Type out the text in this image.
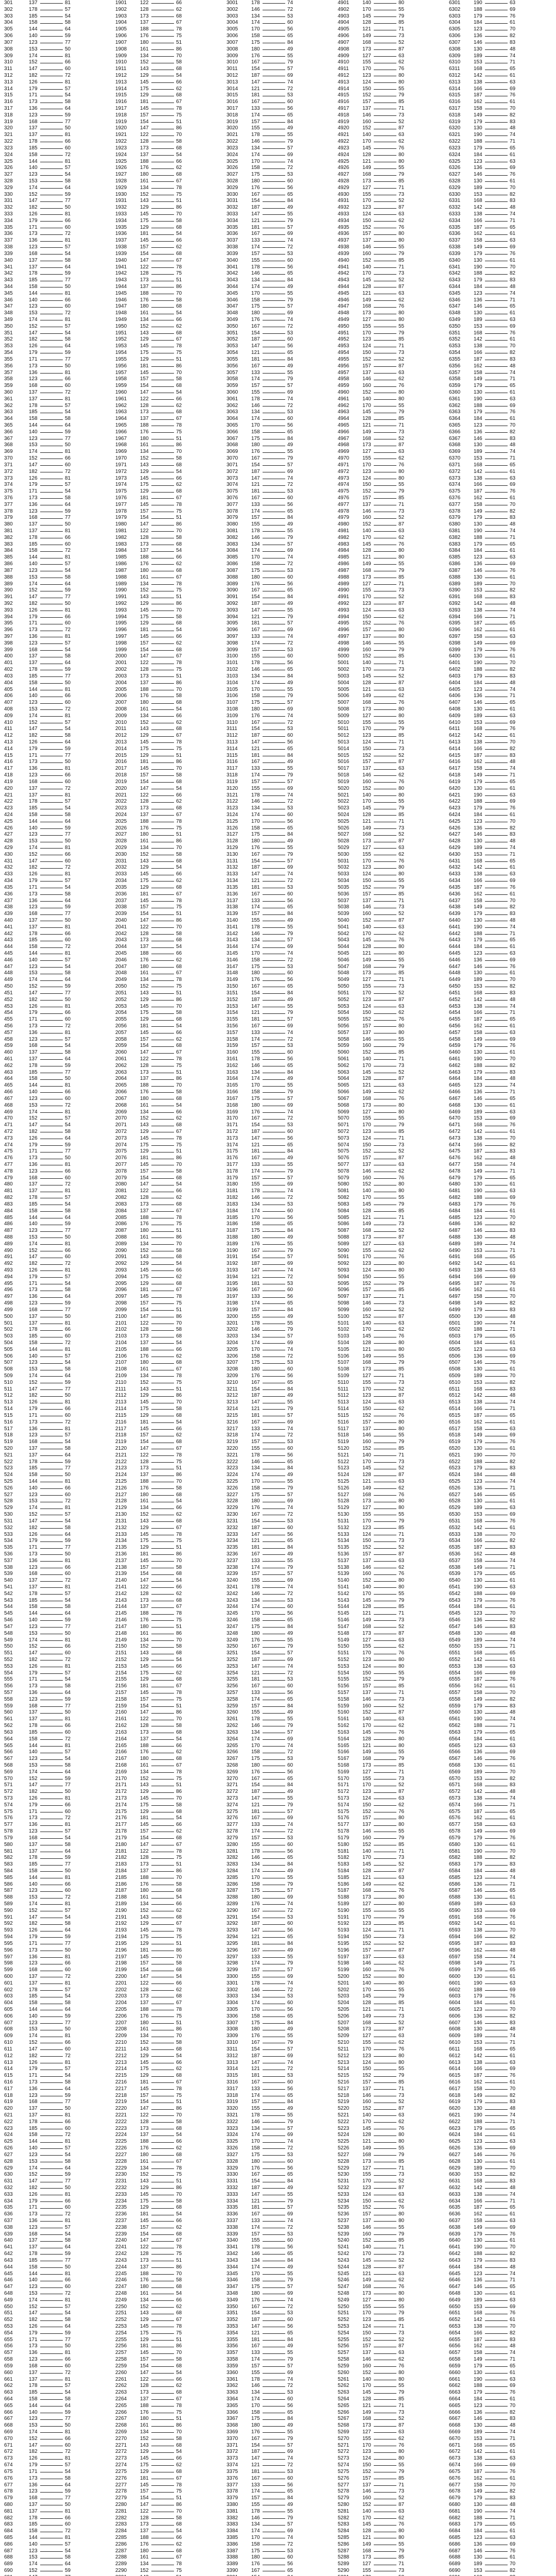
301	137	81	1901	122	66	3001	178	74	4901	140	80	6301	190	63
302	178	57	1902	128	62	3002	146	72	4902	170	55	6302	188	69
303	185	54	1903	173	68	3003	134	53	4903	145	79	6303	179	76
304	158	58	1904	137	67	3004	174	60	4904	128	85	6304	184	61
305	144	64	1905	188	78	3005	170	56	4905	121	71	6305	123	70
306	140	59	1906	176	75	3006	158	65	4906	149	73	6306	136	82
307	123	77	1907	180	51	3007	175	84	4907	168	52	6307	146	83
308	153	50	1908	161	86	3008	180	49	4908	173	87	6308	130	48
309	174	81	1909	134	70	3009	176	55	4909	127	63	6309	189	74
310	152	66	1910	152	58	3010	167	79	4910	155	62	6310	153	71
311	147	60	1911	143	68	3011	154	57	4911	170	76	6311	168	65
312	182	72	1912	129	54	3012	187	69	4912	123	80	6312	142	61
313	126	81	1913	145	66	3013	147	74	4913	124	80	6313	138	63
314	179	57	1914	175	62	3014	121	72	4914	150	55	6314	166	69
315	171	54	1915	129	68	3015	181	53	4915	152	79	6315	187	76
316	173	58	1916	181	67	3016	167	60	4916	157	85	6316	162	61
317	136	64	1917	145	78	3017	133	56	4917	137	71	6317	158	70
318	123	59	1918	157	75	3018	174	65	4918	146	73	6318	149	82
319	168	77	1919	154	51	3019	157	84	4919	160	52	6319	179	83
320	137	50	1920	147	86	3020	155	49	4920	152	87	6320	130	48
321	137	81	1921	122	70	3021	178	55	4921	140	63	6321	190	74
322	178	66	1922	128	58	3022	146	79	4922	170	62	6322	188	71
323	185	60	1923	173	68	3023	134	57	4923	145	76	6323	179	65
324	158	72	1924	137	54	3024	174	69	4924	128	80	6324	184	61
325	144	81	1925	188	66	3025	170	74	4925	121	80	6325	123	63
326	140	57	1926	176	62	3026	158	72	4926	149	55	6326	136	69
327	123	54	1927	180	68	3027	175	53	4927	168	79	6327	146	76
328	153	58	1928	161	67	3028	180	60	4928	173	85	6328	130	61
329	174	64	1929	134	78	3029	176	56	4929	127	71	6329	189	70
330	152	59	1930	152	75	3030	167	65	4930	155	73	6330	153	82
331	147	77	1931	143	51	3031	154	84	4931	170	52	6331	168	83
332	182	50	1932	129	86	3032	187	49	4932	123	87	6332	142	48
333	126	81	1933	145	70	3033	147	55	4933	124	63	6333	138	74
334	179	66	1934	175	58	3034	121	79	4934	150	62	6334	166	71
335	171	60	1935	129	68	3035	181	57	4935	152	76	6335	187	65
336	173	72	1936	181	54	3036	167	69	4936	157	80	6336	162	61
337	136	81	1937	145	66	3037	133	74	4937	137	80	6337	158	63
338	123	57	1938	157	62	3038	174	72	4938	146	55	6338	149	69
339	168	54	1939	154	68	3039	157	53	4939	160	79	6339	179	76
340	137	58	1940	147	67	3040	155	60	4940	152	85	6340	130	61
341	137	64	1941	122	78	3041	178	56	4941	140	71	6341	190	70
342	178	59	1942	128	75	3042	146	65	4942	170	73	6342	188	82
343	185	77	1943	173	51	3043	134	84	4943	145	52	6343	179	83
344	158	50	1944	137	86	3044	174	49	4944	128	87	6344	184	48
345	144	81	1945	188	70	3045	170	55	4945	121	63	6345	123	74
346	140	66	1946	176	58	3046	158	79	4946	149	62	6346	136	71
347	123	60	1947	180	68	3047	175	57	4947	168	76	6347	146	65
348	153	72	1948	161	54	3048	180	69	4948	173	80	6348	130	61
349	174	81	1949	134	66	3049	176	74	4949	127	80	6349	189	63
350	152	57	1950	152	62	3050	167	72	4950	155	55	6350	153	69
351	147	54	1951	143	68	3051	154	53	4951	170	79	6351	168	76
352	182	58	1952	129	67	3052	187	60	4952	123	85	6352	142	61
353	126	64	1953	145	78	3053	147	56	4953	124	71	6353	138	70
354	179	59	1954	175	75	3054	121	65	4954	150	73	6354	166	82
355	171	77	1955	129	51	3055	181	84	4955	152	52	6355	187	83
356	173	50	1956	181	86	3056	167	49	4956	157	87	6356	162	48
357	136	81	1957	145	70	3057	133	55	4957	137	63	6357	158	74
358	123	66	1958	157	58	3058	174	79	4958	146	62	6358	149	71
359	168	60	1959	154	68	3059	157	57	4959	160	76	6359	179	65
360	137	72	1960	147	54	3060	155	69	4960	152	80	6360	130	61
361	137	81	1961	122	66	3061	178	74	4961	140	80	6361	190	63
362	178	57	1962	128	62	3062	146	72	4962	170	55	6362	188	69
363	185	54	1963	173	68	3063	134	53	4963	145	79	6363	179	76
364	158	58	1964	137	67	3064	174	60	4964	128	85	6364	184	61
365	144	64	1965	188	78	3065	170	56	4965	121	71	6365	123	70
366	140	59	1966	176	75	3066	158	65	4966	149	73	6366	136	82
367	123	77	1967	180	51	3067	175	84	4967	168	52	6367	146	83
368	153	50	1968	161	86	3068	180	49	4968	173	87	6368	130	48
369	174	81	1969	134	70	3069	176	55	4969	127	63	6369	189	74
370	152	66	1970	152	58	3070	167	79	4970	155	62	6370	153	71
371	147	60	1971	143	68	3071	154	57	4971	170	76	6371	168	65
372	182	72	1972	129	54	3072	187	69	4972	123	80	6372	142	61
373	126	81	1973	145	66	3073	147	74	4973	124	80	6373	138	63
374	179	57	1974	175	62	3074	121	72	4974	150	55	6374	166	69
375	171	54	1975	129	68	3075	181	53	4975	152	79	6375	187	76
376	173	58	1976	181	67	3076	167	60	4976	157	85	6376	162	61
377	136	64	1977	145	78	3077	133	56	4977	137	71	6377	158	70
378	123	59	1978	157	75	3078	174	65	4978	146	73	6378	149	82
379	168	77	1979	154	51	3079	157	84	4979	160	52	6379	179	83
380	137	50	1980	147	86	3080	155	49	4980	152	87	6380	130	48
381	137	81	1981	122	70	3081	178	55	4981	140	63	6381	190	74
382	178	66	1982	128	58	3082	146	79	4982	170	62	6382	188	71
383	185	60	1983	173	68	3083	134	57	4983	145	76	6383	179	65
384	158	72	1984	137	54	3084	174	69	4984	128	80	6384	184	61
385	144	81	1985	188	66	3085	170	74	4985	121	80	6385	123	63
386	140	57	1986	176	62	3086	158	72	4986	149	55	6386	136	69
387	123	54	1987	180	68	3087	175	53	4987	168	79	6387	146	76
388	153	58	1988	161	67	3088	180	60	4988	173	85	6388	130	61
389	174	64	1989	134	78	3089	176	56	4989	127	71	6389	189	70
390	152	59	1990	152	75	3090	167	65	4990	155	73	6390	153	82
391	147	77	1991	143	51	3091	154	84	4991	170	52	6391	168	83
392	182	50	1992	129	86	3092	187	49	4992	123	87	6392	142	48
393	126	81	1993	145	70	3093	147	55	4993	124	63	6393	138	74
394	179	66	1994	175	58	3094	121	79	4994	150	62	6394	166	71
395	171	60	1995	129	68	3095	181	57	4995	152	76	6395	187	65
396	173	72	1996	181	54	3096	167	69	4996	157	80	6396	162	61
397	136	81	1997	145	66	3097	133	74	4997	137	80	6397	158	63
398	123	57	1998	157	62	3098	174	72	4998	146	55	6398	149	69
399	168	54	1999	154	68	3099	157	53	4999	160	79	6399	179	76
400	137	58	2000	147	67	3100	155	60	5000	152	85	6400	130	61
401	137	64	2001	122	78	3101	178	56	5001	140	71	6401	190	70
402	178	59	2002	128	75	3102	146	65	5002	170	73	6402	188	82
403	185	77	2003	173	51	3103	134	84	5003	145	52	6403	179	83
404	158	50	2004	137	86	3104	174	49	5004	128	87	6404	184	48
405	144	81	2005	188	70	3105	170	55	5005	121	63	6405	123	74
406	140	66	2006	176	58	3106	158	79	5006	149	62	6406	136	71
407	123	60	2007	180	68	3107	175	57	5007	168	76	6407	146	65
408	153	72	2008	161	54	3108	180	69	5008	173	80	6408	130	61
409	174	81	2009	134	66	3109	176	74	5009	127	80	6409	189	63
410	152	57	2010	152	62	3110	167	72	5010	155	55	6410	153	69
411	147	54	2011	143	68	3111	154	53	5011	170	79	6411	168	76
412	182	58	2012	129	67	3112	187	60	5012	123	85	6412	142	61
413	126	64	2013	145	78	3113	147	56	5013	124	71	6413	138	70
414	179	59	2014	175	75	3114	121	65	5014	150	73	6414	166	82
415	171	77	2015	129	51	3115	181	84	5015	152	52	6415	187	83
416	173	50	2016	181	86	3116	167	49	5016	157	87	6416	162	48
417	136	81	2017	145	70	3117	133	55	5017	137	63	6417	158	74
418	123	66	2018	157	58	3118	174	79	5018	146	62	6418	149	71
419	168	60	2019	154	68	3119	157	57	5019	160	76	6419	179	65
420	137	72	2020	147	54	3120	155	69	5020	152	80	6420	130	61
421	137	81	2021	122	66	3121	178	74	5021	140	80	6421	190	63
422	178	57	2022	128	62	3122	146	72	5022	170	55	6422	188	69
423	185	54	2023	173	68	3123	134	53	5023	145	79	6423	179	76
424	158	58	2024	137	67	3124	174	60	5024	128	85	6424	184	61
425	144	64	2025	188	78	3125	170	56	5025	121	71	6425	123	70
426	140	59	2026	176	75	3126	158	65	5026	149	73	6426	136	82
427	123	77	2027	180	51	3127	175	84	5027	168	52	6427	146	83
428	153	50	2028	161	86	3128	180	49	5028	173	87	6428	130	48
429	174	81	2029	134	70	3129	176	55	5029	127	63	6429	189	74
430	152	66	2030	152	58	3130	167	79	5030	155	62	6430	153	71
431	147	60	2031	143	68	3131	154	57	5031	170	76	6431	168	65
432	182	72	2032	129	54	3132	187	69	5032	123	80	6432	142	61
433	126	81	2033	145	66	3133	147	74	5033	124	80	6433	138	63
434	179	57	2034	175	62	3134	121	72	5034	150	55	6434	166	69
435	171	54	2035	129	68	3135	181	53	5035	152	79	6435	187	76
436	173	58	2036	181	67	3136	167	60	5036	157	85	6436	162	61
437	136	64	2037	145	78	3137	133	56	5037	137	71	6437	158	70
438	123	59	2038	157	75	3138	174	65	5038	146	73	6438	149	82
439	168	77	2039	154	51	3139	157	84	5039	160	52	6439	179	83
440	137	50	2040	147	86	3140	155	49	5040	152	87	6440	130	48
441	137	81	2041	122	70	3141	178	55	5041	140	63	6441	190	74
442	178	66	2042	128	58	3142	146	79	5042	170	62	6442	188	71
443	185	60	2043	173	68	3143	134	57	5043	145	76	6443	179	65
444	158	72	2044	137	54	3144	174	69	5044	128	80	6444	184	61
445	144	81	2045	188	66	3145	170	74	5045	121	80	6445	123	63
446	140	57	2046	176	62	3146	158	72	5046	149	55	6446	136	69
447	123	54	2047	180	68	3147	175	53	5047	168	79	6447	146	76
448	153	58	2048	161	67	3148	180	60	5048	173	85	6448	130	61
449	174	64	2049	134	78	3149	176	56	5049	127	71	6449	189	70
450	152	59	2050	152	75	3150	167	65	5050	155	73	6450	153	82
451	147	77	2051	143	51	3151	154	84	5051	170	52	6451	168	83
452	182	50	2052	129	86	3152	187	49	5052	123	87	6452	142	48
453	126	81	2053	145	70	3153	147	55	5053	124	63	6453	138	74
454	179	66	2054	175	58	3154	121	79	5054	150	62	6454	166	71
455	171	60	2055	129	68	3155	181	57	5055	152	76	6455	187	65
456	173	72	2056	181	54	3156	167	69	5056	157	80	6456	162	61
457	136	81	2057	145	66	3157	133	74	5057	137	80	6457	158	63
458	123	57	2058	157	62	3158	174	72	5058	146	55	6458	149	69
459	168	54	2059	154	68	3159	157	53	5059	160	79	6459	179	76
460	137	58	2060	147	67	3160	155	60	5060	152	85	6460	130	61
461	137	64	2061	122	78	3161	178	56	5061	140	71	6461	190	70
462	178	59	2062	128	75	3162	146	65	5062	170	73	6462	188	82
463	185	77	2063	173	51	3163	134	84	5063	145	52	6463	179	83
464	158	50	2064	137	86	3164	174	49	5064	128	87	6464	184	48
465	144	81	2065	188	70	3165	170	55	5065	121	63	6465	123	74
466	140	66	2066	176	58	3166	158	79	5066	149	62	6466	136	71
467	123	60	2067	180	68	3167	175	57	5067	168	76	6467	146	65
468	153	72	2068	161	54	3168	180	69	5068	173	80	6468	130	61
469	174	81	2069	134	66	3169	176	74	5069	127	80	6469	189	63
470	152	57	2070	152	62	3170	167	72	5070	155	55	6470	153	69
471	147	54	2071	143	68	3171	154	53	5071	170	79	6471	168	76
472	182	58	2072	129	67	3172	187	60	5072	123	85	6472	142	61
473	126	64	2073	145	78	3173	147	56	5073	124	71	6473	138	70
474	179	59	2074	175	75	3174	121	65	5074	150	73	6474	166	82
475	171	77	2075	129	51	3175	181	84	5075	152	52	6475	187	83
476	173	50	2076	181	86	3176	167	49	5076	157	87	6476	162	48
477	136	81	2077	145	70	3177	133	55	5077	137	63	6477	158	74
478	123	66	2078	157	58	3178	174	79	5078	146	62	6478	149	71
479	168	60	2079	154	68	3179	157	57	5079	160	76	6479	179	65
480	137	72	2080	147	54	3180	155	69	5080	152	80	6480	130	61
481	137	81	2081	122	66	3181	178	74	5081	140	80	6481	190	63
482	178	57	2082	128	62	3182	146	72	5082	170	55	6482	188	69
483	185	54	2083	173	68	3183	134	53	5083	145	79	6483	179	76
484	158	58	2084	137	67	3184	174	60	5084	128	85	6484	184	61
485	144	64	2085	188	78	3185	170	56	5085	121	71	6485	123	70
486	140	59	2086	176	75	3186	158	65	5086	149	73	6486	136	82
487	123	77	2087	180	51	3187	175	84	5087	168	52	6487	146	83
488	153	50	2088	161	86	3188	180	49	5088	173	87	6488	130	48
489	174	81	2089	134	70	3189	176	55	5089	127	63	6489	189	74
490	152	66	2090	152	58	3190	167	79	5090	155	62	6490	153	71
491	147	60	2091	143	68	3191	154	57	5091	170	76	6491	168	65
492	182	72	2092	129	54	3192	187	69	5092	123	80	6492	142	61
493	126	81	2093	145	66	3193	147	74	5093	124	80	6493	138	63
494	179	57	2094	175	62	3194	121	72	5094	150	55	6494	166	69
495	171	54	2095	129	68	3195	181	53	5095	152	79	6495	187	76
496	173	58	2096	181	67	3196	167	60	5096	157	85	6496	162	61
497	136	64	2097	145	78	3197	133	56	5097	137	71	6497	158	70
498	123	59	2098	157	75	3198	174	65	5098	146	73	6498	149	82
499	168	77	2099	154	51	3199	157	84	5099	160	52	6499	179	83
500	137	50	2100	147	86	3200	155	49	5100	152	87	6500	130	48
501	137	81	2101	122	70	3201	178	55	5101	140	63	6501	190	74
502	178	66	2102	128	58	3202	146	79	5102	170	62	6502	188	71
503	185	60	2103	173	68	3203	134	57	5103	145	76	6503	179	65
504	158	72	2104	137	54	3204	174	69	5104	128	80	6504	184	61
505	144	81	2105	188	66	3205	170	74	5105	121	80	6505	123	63
506	140	57	2106	176	62	3206	158	72	5106	149	55	6506	136	69
507	123	54	2107	180	68	3207	175	53	5107	168	79	6507	146	76
508	153	58	2108	161	67	3208	180	60	5108	173	85	6508	130	61
509	174	64	2109	134	78	3209	176	56	5109	127	71	6509	189	70
510	152	59	2110	152	75	3210	167	65	5110	155	73	6510	153	82
511	147	77	2111	143	51	3211	154	84	5111	170	52	6511	168	83
512	182	50	2112	129	86	3212	187	49	5112	123	87	6512	142	48
513	126	81	2113	145	70	3213	147	55	5113	124	63	6513	138	74
514	179	66	2114	175	58	3214	121	79	5114	150	62	6514	166	71
515	171	60	2115	129	68	3215	181	57	5115	152	76	6515	187	65
516	173	72	2116	181	54	3216	167	69	5116	157	80	6516	162	61
517	136	81	2117	145	66	3217	133	74	5117	137	80	6517	158	63
518	123	57	2118	157	62	3218	174	72	5118	146	55	6518	149	69
519	168	54	2119	154	68	3219	157	53	5119	160	79	6519	179	76
520	137	58	2120	147	67	3220	155	60	5120	152	85	6520	130	61
521	137	64	2121	122	78	3221	178	56	5121	140	71	6521	190	70
522	178	59	2122	128	75	3222	146	65	5122	170	73	6522	188	82
523	185	77	2123	173	51	3223	134	84	5123	145	52	6523	179	83
524	158	50	2124	137	86	3224	174	49	5124	128	87	6524	184	48
525	144	81	2125	188	70	3225	170	55	5125	121	63	6525	123	74
526	140	66	2126	176	58	3226	158	79	5126	149	62	6526	136	71
527	123	60	2127	180	68	3227	175	57	5127	168	76	6527	146	65
528	153	72	2128	161	54	3228	180	69	5128	173	80	6528	130	61
529	174	81	2129	134	66	3229	176	74	5129	127	80	6529	189	63
530	152	57	2130	152	62	3230	167	72	5130	155	55	6530	153	69
531	147	54	2131	143	68	3231	154	53	5131	170	79	6531	168	76
532	182	58	2132	129	67	3232	187	60	5132	123	85	6532	142	61
533	126	64	2133	145	78	3233	147	56	5133	124	71	6533	138	70
534	179	59	2134	175	75	3234	121	65	5134	150	73	6534	166	82
535	171	77	2135	129	51	3235	181	84	5135	152	52	6535	187	83
536	173	50	2136	181	86	3236	167	49	5136	157	87	6536	162	48
537	136	81	2137	145	70	3237	133	55	5137	137	63	6537	158	74
538	123	66	2138	157	58	3238	174	79	5138	146	62	6538	149	71
539	168	60	2139	154	68	3239	157	57	5139	160	76	6539	179	65
540	137	72	2140	147	54	3240	155	69	5140	152	80	6540	130	61
541	137	81	2141	122	66	3241	178	74	5141	140	80	6541	190	63
542	178	57	2142	128	62	3242	146	72	5142	170	55	6542	188	69
543	185	54	2143	173	68	3243	134	53	5143	145	79	6543	179	76
544	158	58	2144	137	67	3244	174	60	5144	128	85	6544	184	61
545	144	64	2145	188	78	3245	170	56	5145	121	71	6545	123	70
546	140	59	2146	176	75	3246	158	65	5146	149	73	6546	136	82
547	123	77	2147	180	51	3247	175	84	5147	168	52	6547	146	83
548	153	50	2148	161	86	3248	180	49	5148	173	87	6548	130	48
549	174	81	2149	134	70	3249	176	55	5149	127	63	6549	189	74
550	152	66	2150	152	58	3250	167	79	5150	155	62	6550	153	71
551	147	60	2151	143	68	3251	154	57	5151	170	76	6551	168	65
552	182	72	2152	129	54	3252	187	69	5152	123	80	6552	142	61
553	126	81	2153	145	66	3253	147	74	5153	124	80	6553	138	63
554	179	57	2154	175	62	3254	121	72	5154	150	55	6554	166	69
555	171	54	2155	129	68	3255	181	53	5155	152	79	6555	187	76
556	173	58	2156	181	67	3256	167	60	5156	157	85	6556	162	61
557	136	64	2157	145	78	3257	133	56	5157	137	71	6557	158	70
558	123	59	2158	157	75	3258	174	65	5158	146	73	6558	149	82
559	168	77	2159	154	51	3259	157	84	5159	160	52	6559	179	83
560	137	50	2160	147	86	3260	155	49	5160	152	87	6560	130	48
561	137	81	2161	122	70	3261	178	55	5161	140	63	6561	190	74
562	178	66	2162	128	58	3262	146	79	5162	170	62	6562	188	71
563	185	60	2163	173	68	3263	134	57	5163	145	76	6563	179	65
564	158	72	2164	137	54	3264	174	69	5164	128	80	6564	184	61
565	144	81	2165	188	66	3265	170	74	5165	121	80	6565	123	63
566	140	57	2166	176	62	3266	158	72	5166	149	55	6566	136	69
567	123	54	2167	180	68	3267	175	53	5167	168	79	6567	146	76
568	153	58	2168	161	67	3268	180	60	5168	173	85	6568	130	61
569	174	64	2169	134	78	3269	176	56	5169	127	71	6569	189	70
570	152	59	2170	152	75	3270	167	65	5170	155	73	6570	153	82
571	147	77	2171	143	51	3271	154	84	5171	170	52	6571	168	83
572	182	50	2172	129	86	3272	187	49	5172	123	87	6572	142	48
573	126	81	2173	145	70	3273	147	55	5173	124	63	6573	138	74
574	179	66	2174	175	58	3274	121	79	5174	150	62	6574	166	71
575	171	60	2175	129	68	3275	181	57	5175	152	76	6575	187	65
576	173	72	2176	181	54	3276	167	69	5176	157	80	6576	162	61
577	136	81	2177	145	66	3277	133	74	5177	137	80	6577	158	63
578	123	57	2178	157	62	3278	174	72	5178	146	55	6578	149	69
579	168	54	2179	154	68	3279	157	53	5179	160	79	6579	179	76
580	137	58	2180	147	67	3280	155	60	5180	152	85	6580	130	61
581	137	64	2181	122	78	3281	178	56	5181	140	71	6581	190	70
582	178	59	2182	128	75	3282	146	65	5182	170	73	6582	188	82
583	185	77	2183	173	51	3283	134	84	5183	145	52	6583	179	83
584	158	50	2184	137	86	3284	174	49	5184	128	87	6584	184	48
585	144	81	2185	188	70	3285	170	55	5185	121	63	6585	123	74
586	140	66	2186	176	58	3286	158	79	5186	149	62	6586	136	71
587	123	60	2187	180	68	3287	175	57	5187	168	76	6587	146	65
588	153	72	2188	161	54	3288	180	69	5188	173	80	6588	130	61
589	174	81	2189	134	66	3289	176	74	5189	127	80	6589	189	63
590	152	57	2190	152	62	3290	167	72	5190	155	55	6590	153	69
591	147	54	2191	143	68	3291	154	53	5191	170	79	6591	168	76
592	182	58	2192	129	67	3292	187	60	5192	123	85	6592	142	61
593	126	64	2193	145	78	3293	147	56	5193	124	71	6593	138	70
594	179	59	2194	175	75	3294	121	65	5194	150	73	6594	166	82
595	171	77	2195	129	51	3295	181	84	5195	152	52	6595	187	83
596	173	50	2196	181	86	3296	167	49	5196	157	87	6596	162	48
597	136	81	2197	145	70	3297	133	55	5197	137	63	6597	158	74
598	123	66	2198	157	58	3298	174	79	5198	146	62	6598	149	71
599	168	60	2199	154	68	3299	157	57	5199	160	76	6599	179	65
600	137	72	2200	147	54	3300	155	69	5200	152	80	6600	130	61
601	137	81	2201	122	66	3301	178	74	5201	140	80	6601	190	63
602	178	57	2202	128	62	3302	146	72	5202	170	55	6602	188	69
603	185	54	2203	173	68	3303	134	53	5203	145	79	6603	179	76
604	158	58	2204	137	67	3304	174	60	5204	128	85	6604	184	61
605	144	64	2205	188	78	3305	170	56	5205	121	71	6605	123	70
606	140	59	2206	176	75	3306	158	65	5206	149	73	6606	136	82
607	123	77	2207	180	51	3307	175	84	5207	168	52	6607	146	83
608	153	50	2208	161	86	3308	180	49	5208	173	87	6608	130	48
609	174	81	2209	134	70	3309	176	55	5209	127	63	6609	189	74
610	152	66	2210	152	58	3310	167	79	5210	155	62	6610	153	71
611	147	60	2211	143	68	3311	154	57	5211	170	76	6611	168	65
612	182	72	2212	129	54	3312	187	69	5212	123	80	6612	142	61
613	126	81	2213	145	66	3313	147	74	5213	124	80	6613	138	63
614	179	57	2214	175	62	3314	121	72	5214	150	55	6614	166	69
615	171	54	2215	129	68	3315	181	53	5215	152	79	6615	187	76
616	173	58	2216	181	67	3316	167	60	5216	157	85	6616	162	61
617	136	64	2217	145	78	3317	133	56	5217	137	71	6617	158	70
618	123	59	2218	157	75	3318	174	65	5218	146	73	6618	149	82
619	168	77	2219	154	51	3319	157	84	5219	160	52	6619	179	83
620	137	50	2220	147	86	3320	155	49	5220	152	87	6620	130	48
621	137	81	2221	122	70	3321	178	55	5221	140	63	6621	190	74
622	178	66	2222	128	58	3322	146	79	5222	170	62	6622	188	71
623	185	60	2223	173	68	3323	134	57	5223	145	76	6623	179	65
624	158	72	2224	137	54	3324	174	69	5224	128	80	6624	184	61
625	144	81	2225	188	66	3325	170	74	5225	121	80	6625	123	63
626	140	57	2226	176	62	3326	158	72	5226	149	55	6626	136	69
627	123	54	2227	180	68	3327	175	53	5227	168	79	6627	146	76
628	153	58	2228	161	67	3328	180	60	5228	173	85	6628	130	61
629	174	64	2229	134	78	3329	176	56	5229	127	71	6629	189	70
630	152	59	2230	152	75	3330	167	65	5230	155	73	6630	153	82
631	147	77	2231	143	51	3331	154	84	5231	170	52	6631	168	83
632	182	50	2232	129	86	3332	187	49	5232	123	87	6632	142	48
633	126	81	2233	145	70	3333	147	55	5233	124	63	6633	138	74
634	179	66	2234	175	58	3334	121	79	5234	150	62	6634	166	71
635	171	60	2235	129	68	3335	181	57	5235	152	76	6635	187	65
636	173	72	2236	181	54	3336	167	69	5236	157	80	6636	162	61
637	136	81	2237	145	66	3337	133	74	5237	137	80	6637	158	63
638	123	57	2238	157	62	3338	174	72	5238	146	55	6638	149	69
639	168	54	2239	154	68	3339	157	53	5239	160	79	6639	179	76
640	137	58	2240	147	67	3340	155	60	5240	152	85	6640	130	61
641	137	64	2241	122	78	3341	178	56	5241	140	71	6641	190	70
642	178	59	2242	128	75	3342	146	65	5242	170	73	6642	188	82
643	185	77	2243	173	51	3343	134	84	5243	145	52	6643	179	83
644	158	50	2244	137	86	3344	174	49	5244	128	87	6644	184	48
645	144	81	2245	188	70	3345	170	55	5245	121	63	6645	123	74
646	140	66	2246	176	58	3346	158	79	5246	149	62	6646	136	71
647	123	60	2247	180	68	3347	175	57	5247	168	76	6647	146	65
648	153	72	2248	161	54	3348	180	69	5248	173	80	6648	130	61
649	174	81	2249	134	66	3349	176	74	5249	127	80	6649	189	63
650	152	57	2250	152	62	3350	167	72	5250	155	55	6650	153	69
651	147	54	2251	143	68	3351	154	53	5251	170	79	6651	168	76
652	182	58	2252	129	67	3352	187	60	5252	123	85	6652	142	61
653	126	64	2253	145	78	3353	147	56	5253	124	71	6653	138	70
654	179	59	2254	175	75	3354	121	65	5254	150	73	6654	166	82
655	171	77	2255	129	51	3355	181	84	5255	152	52	6655	187	83
656	173	50	2256	181	86	3356	167	49	5256	157	87	6656	162	48
657	136	81	2257	145	70	3357	133	55	5257	137	63	6657	158	74
658	123	66	2258	157	58	3358	174	79	5258	146	62	6658	149	71
659	168	60	2259	154	68	3359	157	57	5259	160	76	6659	179	65
660	137	72	2260	147	54	3360	155	69	5260	152	80	6660	130	61
661	137	81	2261	122	66	3361	178	74	5261	140	80	6661	190	63
662	178	57	2262	128	62	3362	146	72	5262	170	55	6662	188	69
663	185	54	2263	173	68	3363	134	53	5263	145	79	6663	179	76
664	158	58	2264	137	67	3364	174	60	5264	128	85	6664	184	61
665	144	64	2265	188	78	3365	170	56	5265	121	71	6665	123	70
666	140	59	2266	176	75	3366	158	65	5266	149	73	6666	136	82
667	123	77	2267	180	51	3367	175	84	5267	168	52	6667	146	83
668	153	50	2268	161	86	3368	180	49	5268	173	87	6668	130	48
669	174	81	2269	134	70	3369	176	55	5269	127	63	6669	189	74
670	152	66	2270	152	58	3370	167	79	5270	155	62	6670	153	71
671	147	60	2271	143	68	3371	154	57	5271	170	76	6671	168	65
672	182	72	2272	129	54	3372	187	69	5272	123	80	6672	142	61
673	126	81	2273	145	66	3373	147	74	5273	124	80	6673	138	63
674	179	57	2274	175	62	3374	121	72	5274	150	55	6674	166	69
675	171	54	2275	129	68	3375	181	53	5275	152	79	6675	187	76
676	173	58	2276	181	67	3376	167	60	5276	157	85	6676	162	61
677	136	64	2277	145	78	3377	133	56	5277	137	71	6677	158	70
678	123	59	2278	157	75	3378	174	65	5278	146	73	6678	149	82
679	168	77	2279	154	51	3379	157	84	5279	160	52	6679	179	83
680	137	50	2280	147	86	3380	155	49	5280	152	87	6680	130	48
681	137	81	2281	122	70	3381	178	55	5281	140	63	6681	190	74
682	178	66	2282	128	58	3382	146	79	5282	170	62	6682	188	71
683	185	60	2283	173	68	3383	134	57	5283	145	76	6683	179	65
684	158	72	2284	137	54	3384	174	69	5284	128	80	6684	184	61
685	144	81	2285	188	66	3385	170	74	5285	121	80	6685	123	63
686	140	57	2286	176	62	3386	158	72	5286	149	55	6686	136	69
687	123	54	2287	180	68	3387	175	53	5287	168	79	6687	146	76
688	153	58	2288	161	67	3388	180	60	5288	173	85	6688	130	61
689	174	64	2289	134	78	3389	176	56	5289	127	71	6689	189	70
690	152	59	2290	152	75	3390	167	65	5290	155	73	6690	153	82
